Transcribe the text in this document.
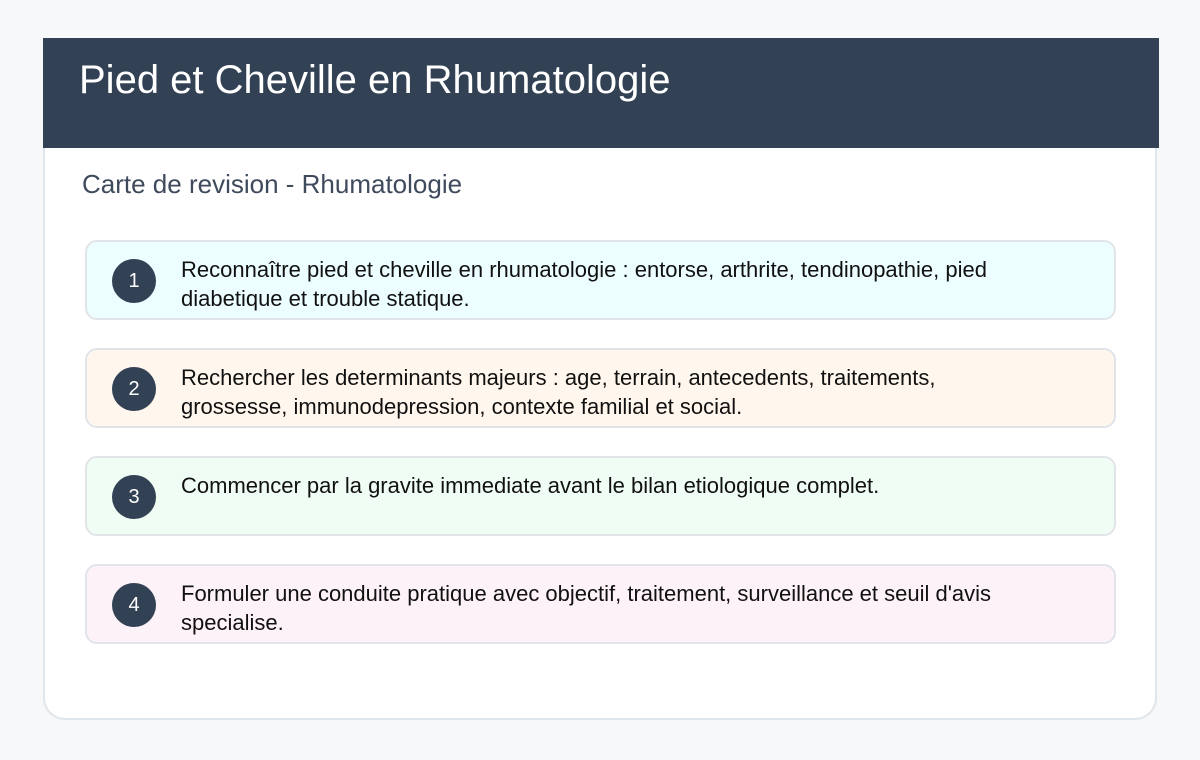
Pied et Cheville en Rhumatologie
Carte de revision - Rhumatologie
1	Reconnaître pied et cheville en rhumatologie : entorse, arthrite, tendinopathie, pied diabetique et trouble statique.
2	Rechercher les determinants majeurs : age, terrain, antecedents, traitements, grossesse, immunodepression, contexte familial et social.
3	Commencer par la gravite immediate avant le bilan etiologique complet.
4	Formuler une conduite pratique avec objectif, traitement, surveillance et seuil d'avis specialise.
